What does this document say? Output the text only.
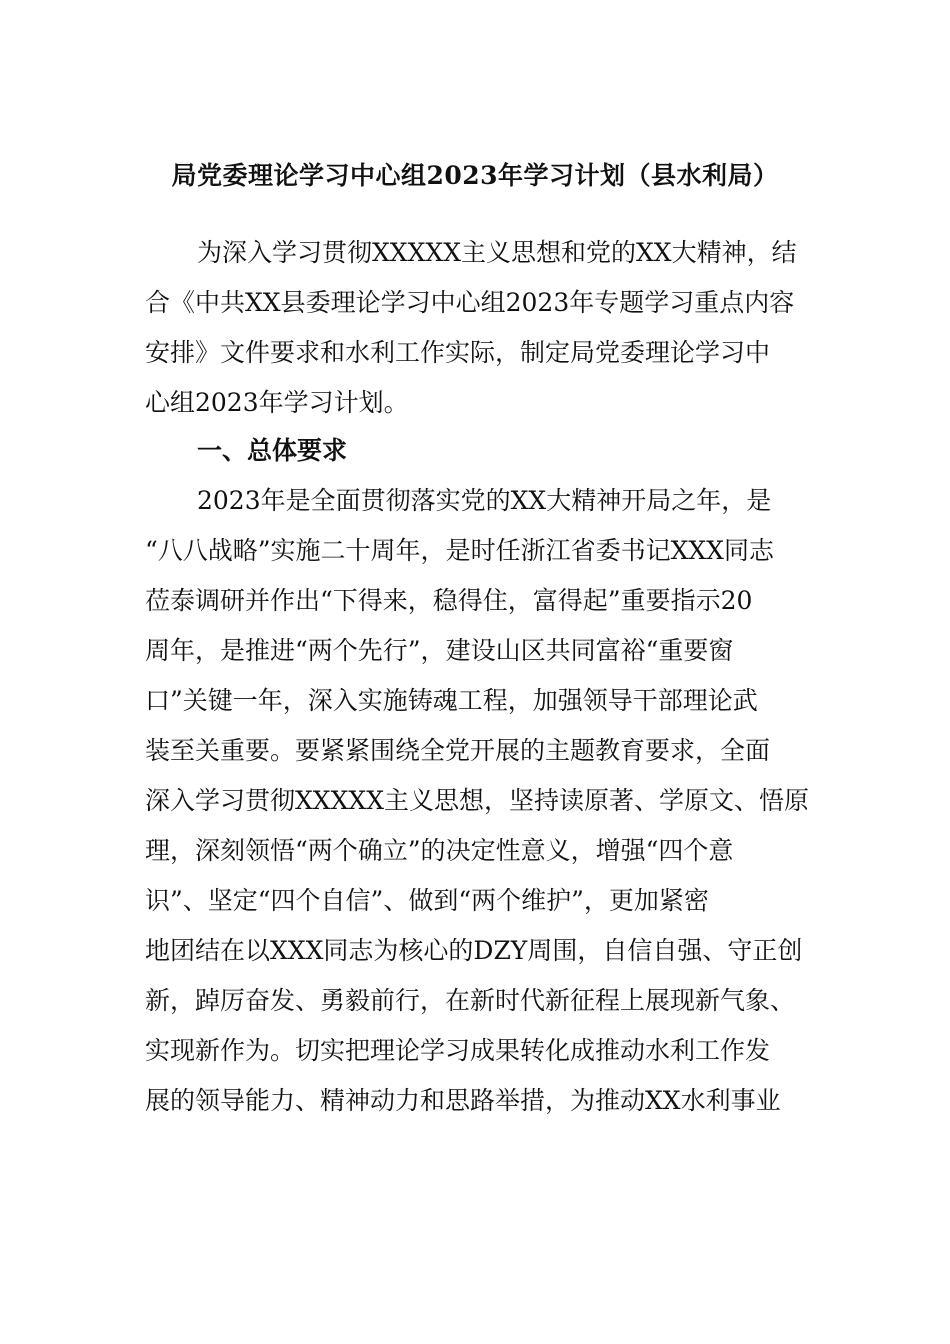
局党委理论学习中心组2023年学习计划（县水利局）
为深入学习贯彻XXXXX主义思想和党的XX大精神，结
合《中共XX县委理论学习中心组2023年专题学习重点内容
安排》文件要求和水利工作实际，制定局党委理论学习中
心组2023年学习计划。
一、总体要求
2023年是全面贯彻落实党的XX大精神开局之年，是
“八八战略”实施二十周年，是时任浙江省委书记XXX同志
莅泰调研并作出“下得来，稳得住，富得起”重要指示20
周年，是推进“两个先行”，建设山区共同富裕“重要窗
口”关键一年，深入实施铸魂工程，加强领导干部理论武
装至关重要。要紧紧围绕全党开展的主题教育要求，全面
深入学习贯彻XXXXX主义思想，坚持读原著、学原文、悟原
理，深刻领悟“两个确立”的决定性意义，增强“四个意
识”、坚定“四个自信”、做到“两个维护”，更加紧密
地团结在以XXX同志为核心的DZY周围，自信自强、守正创
新，踔厉奋发、勇毅前行，在新时代新征程上展现新气象、
实现新作为。切实把理论学习成果转化成推动水利工作发
展的领导能力、精神动力和思路举措，为推动XX水利事业
